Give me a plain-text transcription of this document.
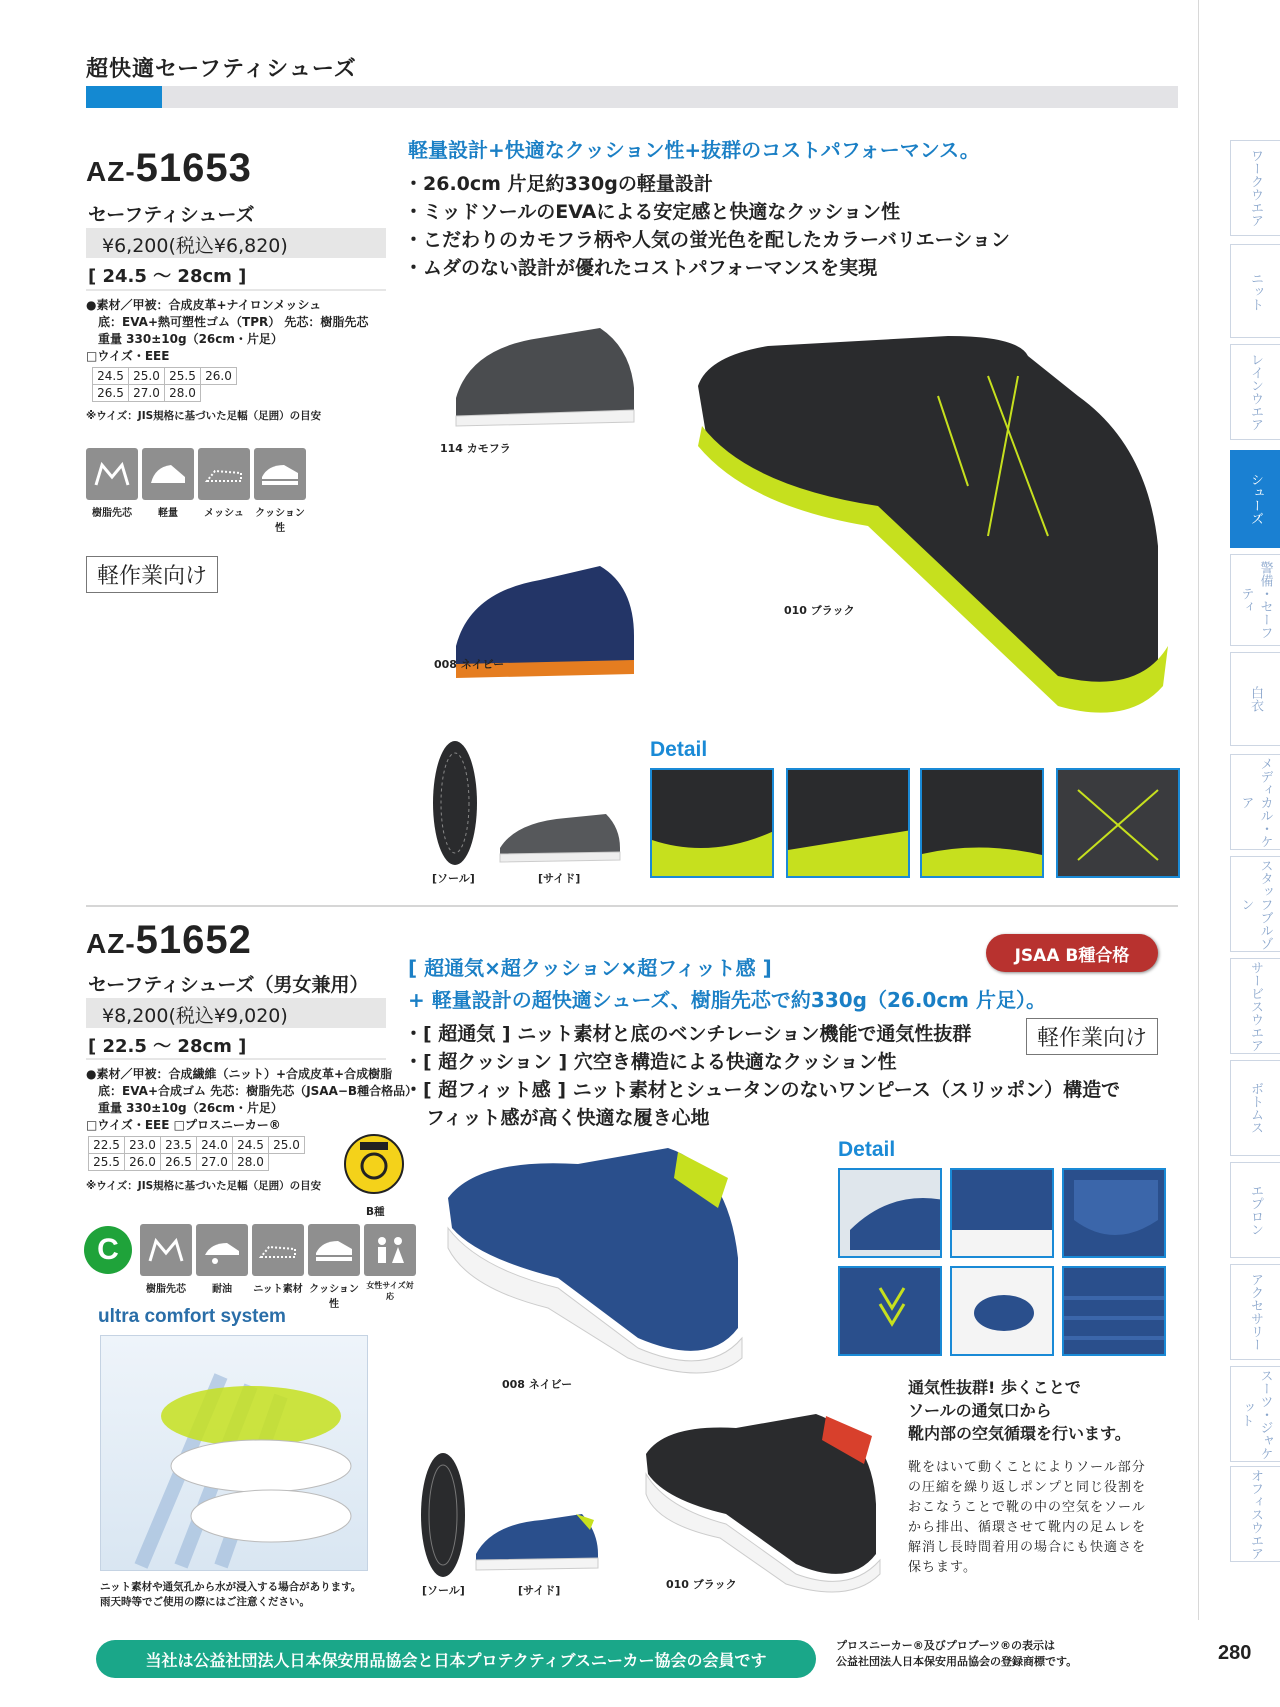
超快適セーフティシューズ
ワークウエア
ニット
レインウエア
シューズ
警備・セーフティ
白衣
メディカル・ケア
スタッフブルゾン
サービスウエア
ボトムス
エプロン
アクセサリー
スーツ・ジャケット
オフィスウエア
AZ-51653
セーフティシューズ
¥6,200(税込¥6,820)
[ 24.5 ～ 28cm ]
●素材／甲被：合成皮革+ナイロンメッシュ
底：EVA+熱可塑性ゴム（TPR） 先芯：樹脂先芯
重量 330±10g（26cm・片足）
□ウイズ・EEE
24.5	25.0	25.5	26.0
26.5	27.0	28.0	
※ウイズ：JIS規格に基づいた足幅（足囲）の目安
樹脂先芯	軽量	メッシュ	クッション性
軽作業向け
軽量設計+快適なクッション性+抜群のコストパフォーマンス。
・26.0cm 片足約330gの軽量設計
・ミッドソールのEVAによる安定感と快適なクッション性
・こだわりのカモフラ柄や人気の蛍光色を配したカラーバリエーション
・ムダのない設計が優れたコストパフォーマンスを実現
114 カモフラ
008 ネイビー
010 ブラック
[ソール]	[サイド]
Detail
AZ-51652
セーフティシューズ（男女兼用）
¥8,200(税込¥9,020)
[ 22.5 ～ 28cm ]
●素材／甲被：合成繊維（ニット）+合成皮革+合成樹脂
底：EVA+合成ゴム 先芯：樹脂先芯（JSAA−B種合格品）
重量 330±10g（26cm・片足）
□ウイズ・EEE □プロスニーカー®
22.5	23.0	23.5	24.0	24.5	25.0
25.5	26.0	26.5	27.0	28.0	
※ウイズ：JIS規格に基づいた足幅（足囲）の目安
B種
C
樹脂先芯	耐油	ニット素材 クッション性
女性サイズ対応
ultra comfort system
ニット素材や通気孔から水が浸入する場合があります。
雨天時等でご使用の際にはご注意ください。
JSAA B種合格
[ 超通気×超クッション×超フィット感 ]
+ 軽量設計の超快適シューズ、樹脂先芯で約330g（26.0cm 片足）。
軽作業向け
・[ 超通気 ] ニット素材と底のベンチレーション機能で通気性抜群
・[ 超クッション ] 穴空き構造による快適なクッション性
・[ 超フィット感 ] ニット素材とシュータンのないワンピース（スリッポン）構造で
フィット感が高く快適な履き心地
008 ネイビー
Detail
通気性抜群! 歩くことで
ソールの通気口から
靴内部の空気循環を行います。
靴をはいて動くことによりソール部分
の圧縮を繰り返しポンプと同じ役割を
おこなうことで靴の中の空気をソール
から排出、循環させて靴内の足ムレを
解消し長時間着用の場合にも快適さを
保ちます。
[ソール]	[サイド]	010 ブラック
当社は公益社団法人日本保安用品協会と日本プロテクティブスニーカー協会の会員です
プロスニーカー®及びプロブーツ®の表示は
公益社団法人日本保安用品協会の登録商標です。	280
